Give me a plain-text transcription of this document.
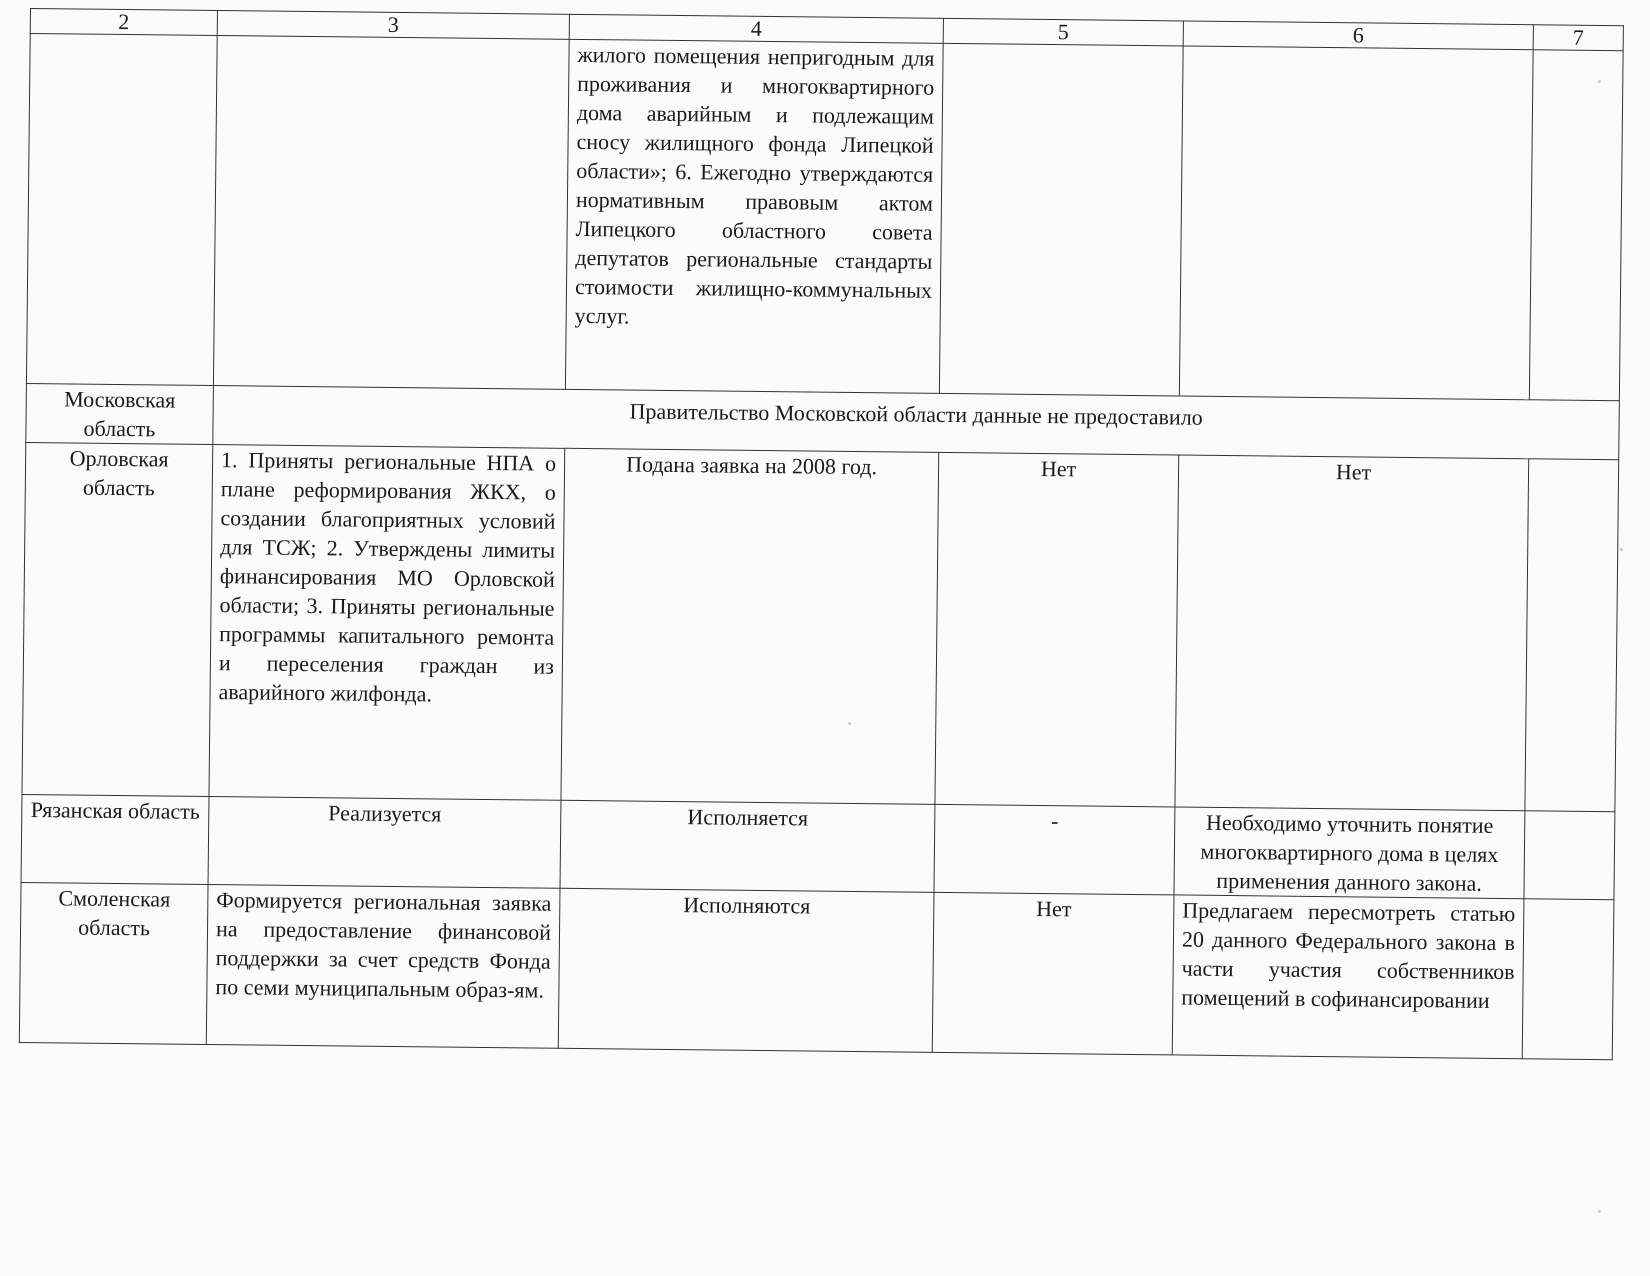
2	3	4	5	6	7
		жилого помещения непригодным для проживания и многоквартирного дома аварийным и подлежащим сносу жилищного фонда Липецкой области»; 6. Ежегодно утверждаются нормативным правовым актом Липецкого областного совета депутатов региональные стандарты стоимости жилищно-коммунальных услуг.			
Московская область	Правительство Московской области данные не предоставило				
Орловская область	1. Приняты региональные НПА о плане реформирования ЖКХ, о создании благоприятных условий для ТСЖ; 2. Утверждены лимиты финансирования МО Орловской области; 3. Приняты региональные программы капитального ремонта и переселения граждан из аварийного жилфонда.	Подана заявка на 2008 год.	Нет	Нет	
Рязанская область	Реализуется	Исполняется	-	Необходимо уточнить понятие многоквартирного дома в целях применения данного закона.	
Смоленская область	Формируется региональная заявка на предоставление финансовой поддержки за счет средств Фонда по семи муниципальным образ-ям.	Исполняются	Нет	Предлагаем пересмотреть статью 20 данного Федерального закона в части участия собственников помещений в софинансировании	
